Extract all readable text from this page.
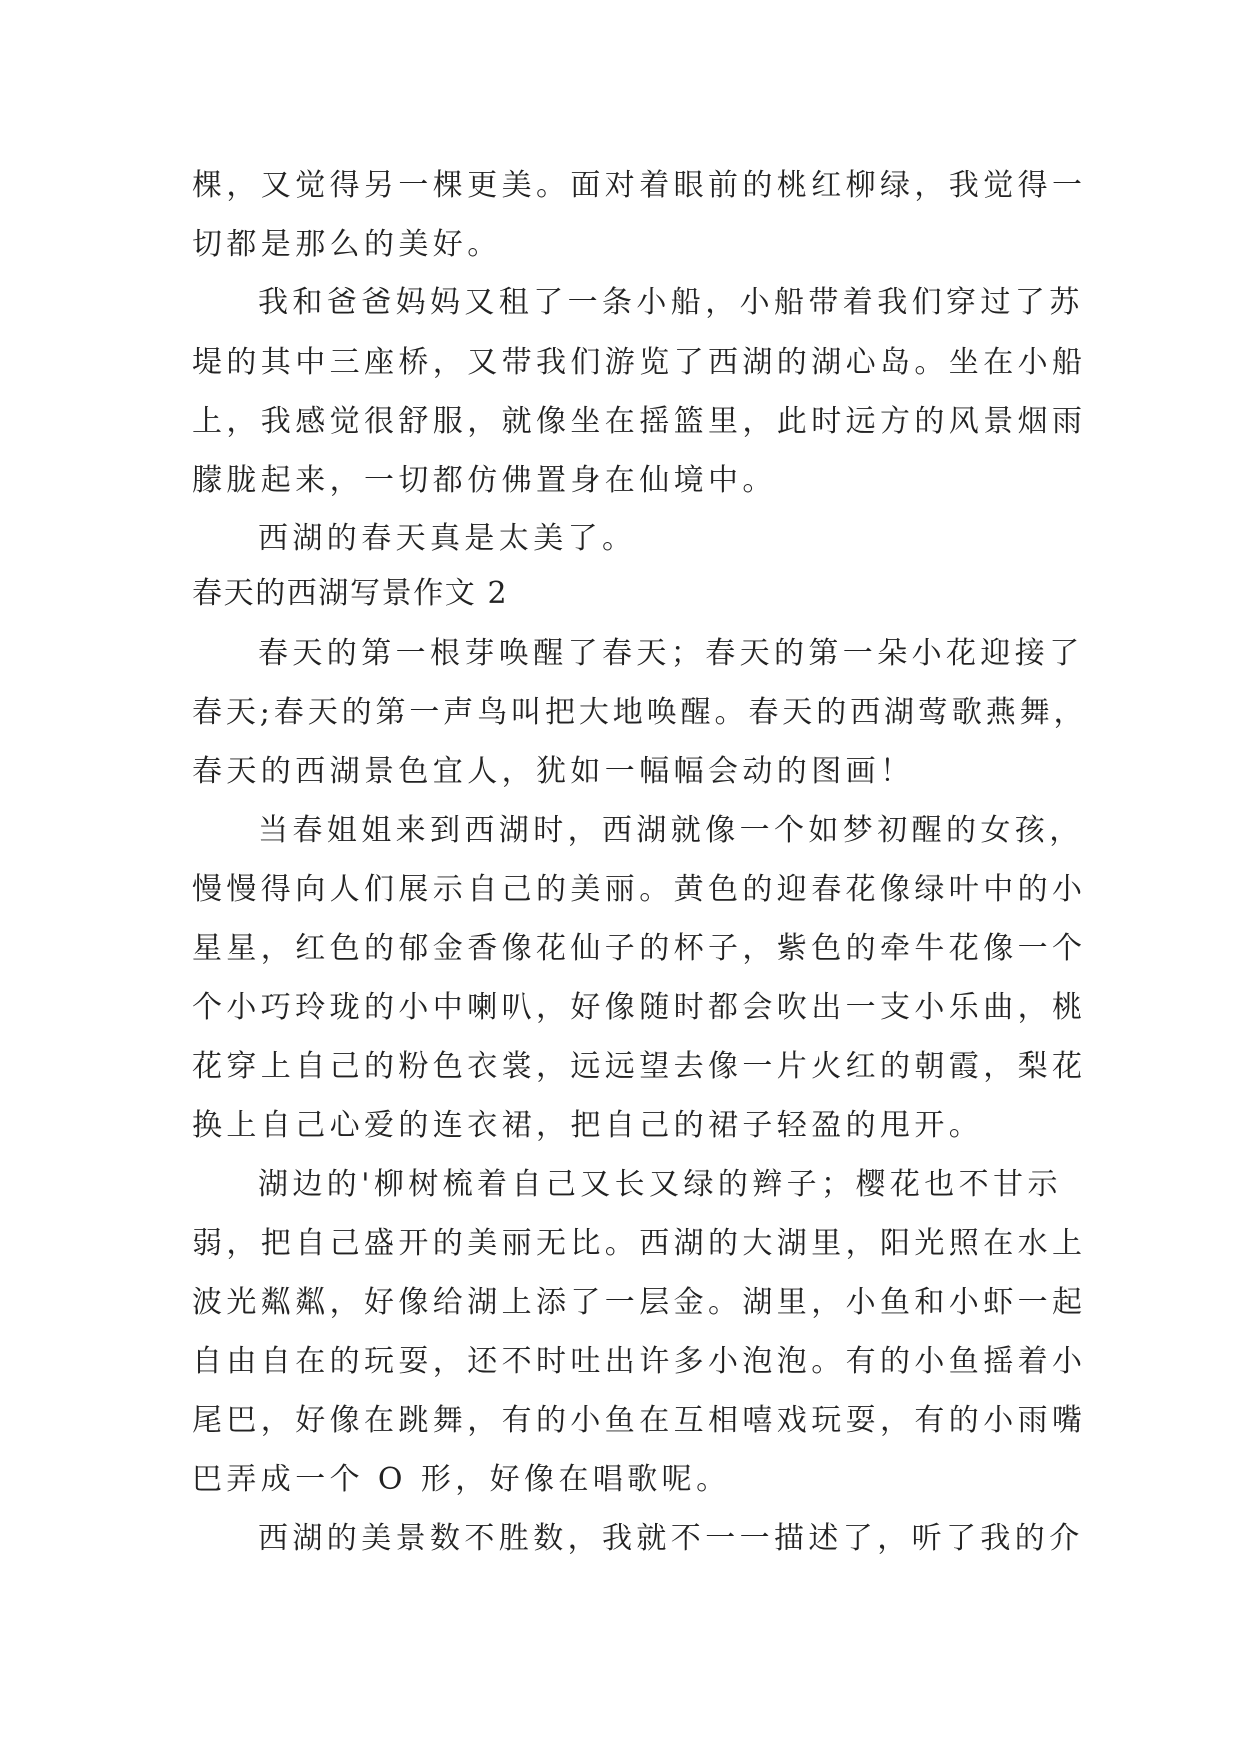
棵，又觉得另一棵更美。面对着眼前的桃红柳绿，我觉得一
切都是那么的美好。
我和爸爸妈妈又租了一条小船，小船带着我们穿过了苏
堤的其中三座桥，又带我们游览了西湖的湖心岛。坐在小船
上，我感觉很舒服，就像坐在摇篮里，此时远方的风景烟雨
朦胧起来，一切都仿佛置身在仙境中。
西湖的春天真是太美了。
春天的西湖写景作文 2
春天的第一根芽唤醒了春天；春天的第一朵小花迎接了
春天;春天的第一声鸟叫把大地唤醒。春天的西湖莺歌燕舞，
春天的西湖景色宜人，犹如一幅幅会动的图画！
当春姐姐来到西湖时，西湖就像一个如梦初醒的女孩，
慢慢得向人们展示自己的美丽。黄色的迎春花像绿叶中的小
星星，红色的郁金香像花仙子的杯子，紫色的牵牛花像一个
个小巧玲珑的小中喇叭，好像随时都会吹出一支小乐曲，桃
花穿上自己的粉色衣裳，远远望去像一片火红的朝霞，梨花
换上自己心爱的连衣裙，把自己的裙子轻盈的甩开。
湖边的'柳树梳着自己又长又绿的辫子；樱花也不甘示
弱，把自己盛开的美丽无比。西湖的大湖里，阳光照在水上
波光粼粼，好像给湖上添了一层金。湖里，小鱼和小虾一起
自由自在的玩耍，还不时吐出许多小泡泡。有的小鱼摇着小
尾巴，好像在跳舞，有的小鱼在互相嘻戏玩耍，有的小雨嘴
巴弄成一个 O 形，好像在唱歌呢。
西湖的美景数不胜数，我就不一一描述了，听了我的介
